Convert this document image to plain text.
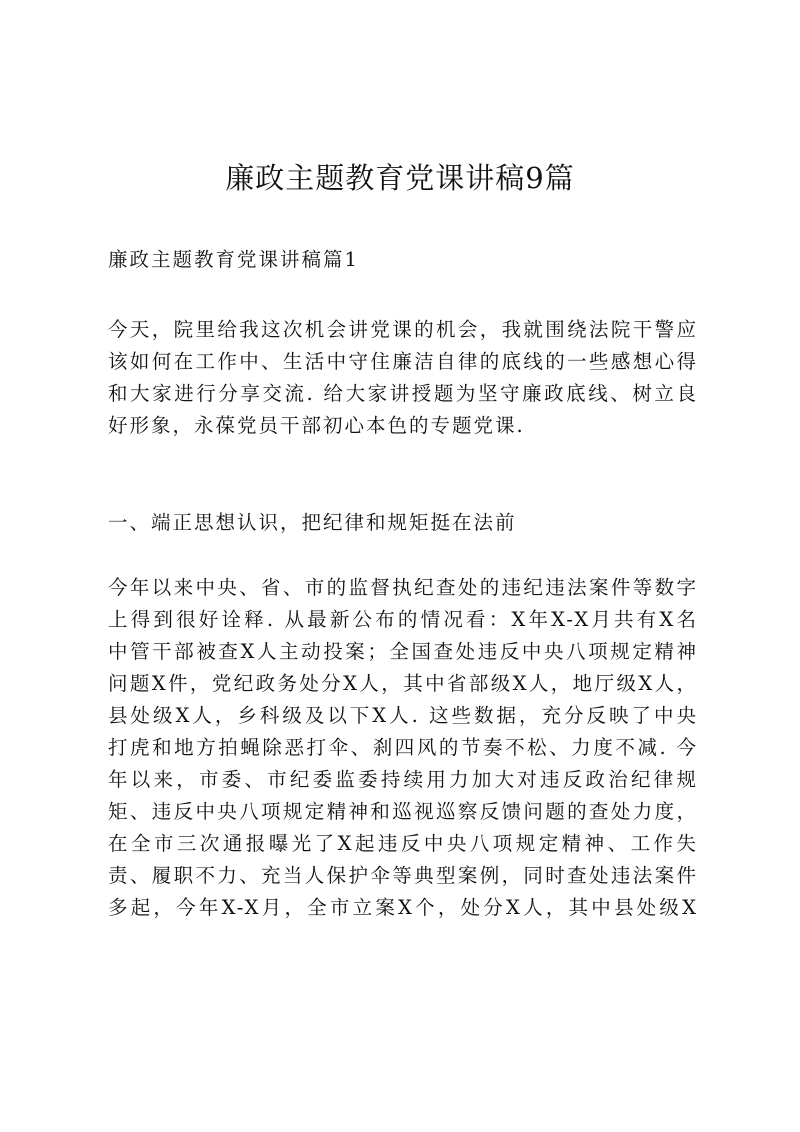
廉政主题教育党课讲稿9篇

廉政主题教育党课讲稿篇1

今天，院里给我这次机会讲党课的机会，我就围绕法院干警应
该如何在工作中、生活中守住廉洁自律的底线的一些感想心得
和大家进行分享交流. 给大家讲授题为坚守廉政底线、树立良
好形象，永葆党员干部初心本色的专题党课.

一、端正思想认识，把纪律和规矩挺在法前

今年以来中央、省、市的监督执纪查处的违纪违法案件等数字
上得到很好诠释. 从最新公布的情况看：X年X-X月共有X名
中管干部被查X人主动投案；全国查处违反中央八项规定精神
问题X件，党纪政务处分X人，其中省部级X人，地厅级X人，
县处级X人，乡科级及以下X人. 这些数据，充分反映了中央
打虎和地方拍蝇除恶打伞、刹四风的节奏不松、力度不减. 今
年以来，市委、市纪委监委持续用力加大对违反政治纪律规
矩、违反中央八项规定精神和巡视巡察反馈问题的查处力度，
在全市三次通报曝光了X起违反中央八项规定精神、工作失
责、履职不力、充当人保护伞等典型案例，同时查处违法案件
多起，今年X-X月，全市立案X个，处分X人，其中县处级X
